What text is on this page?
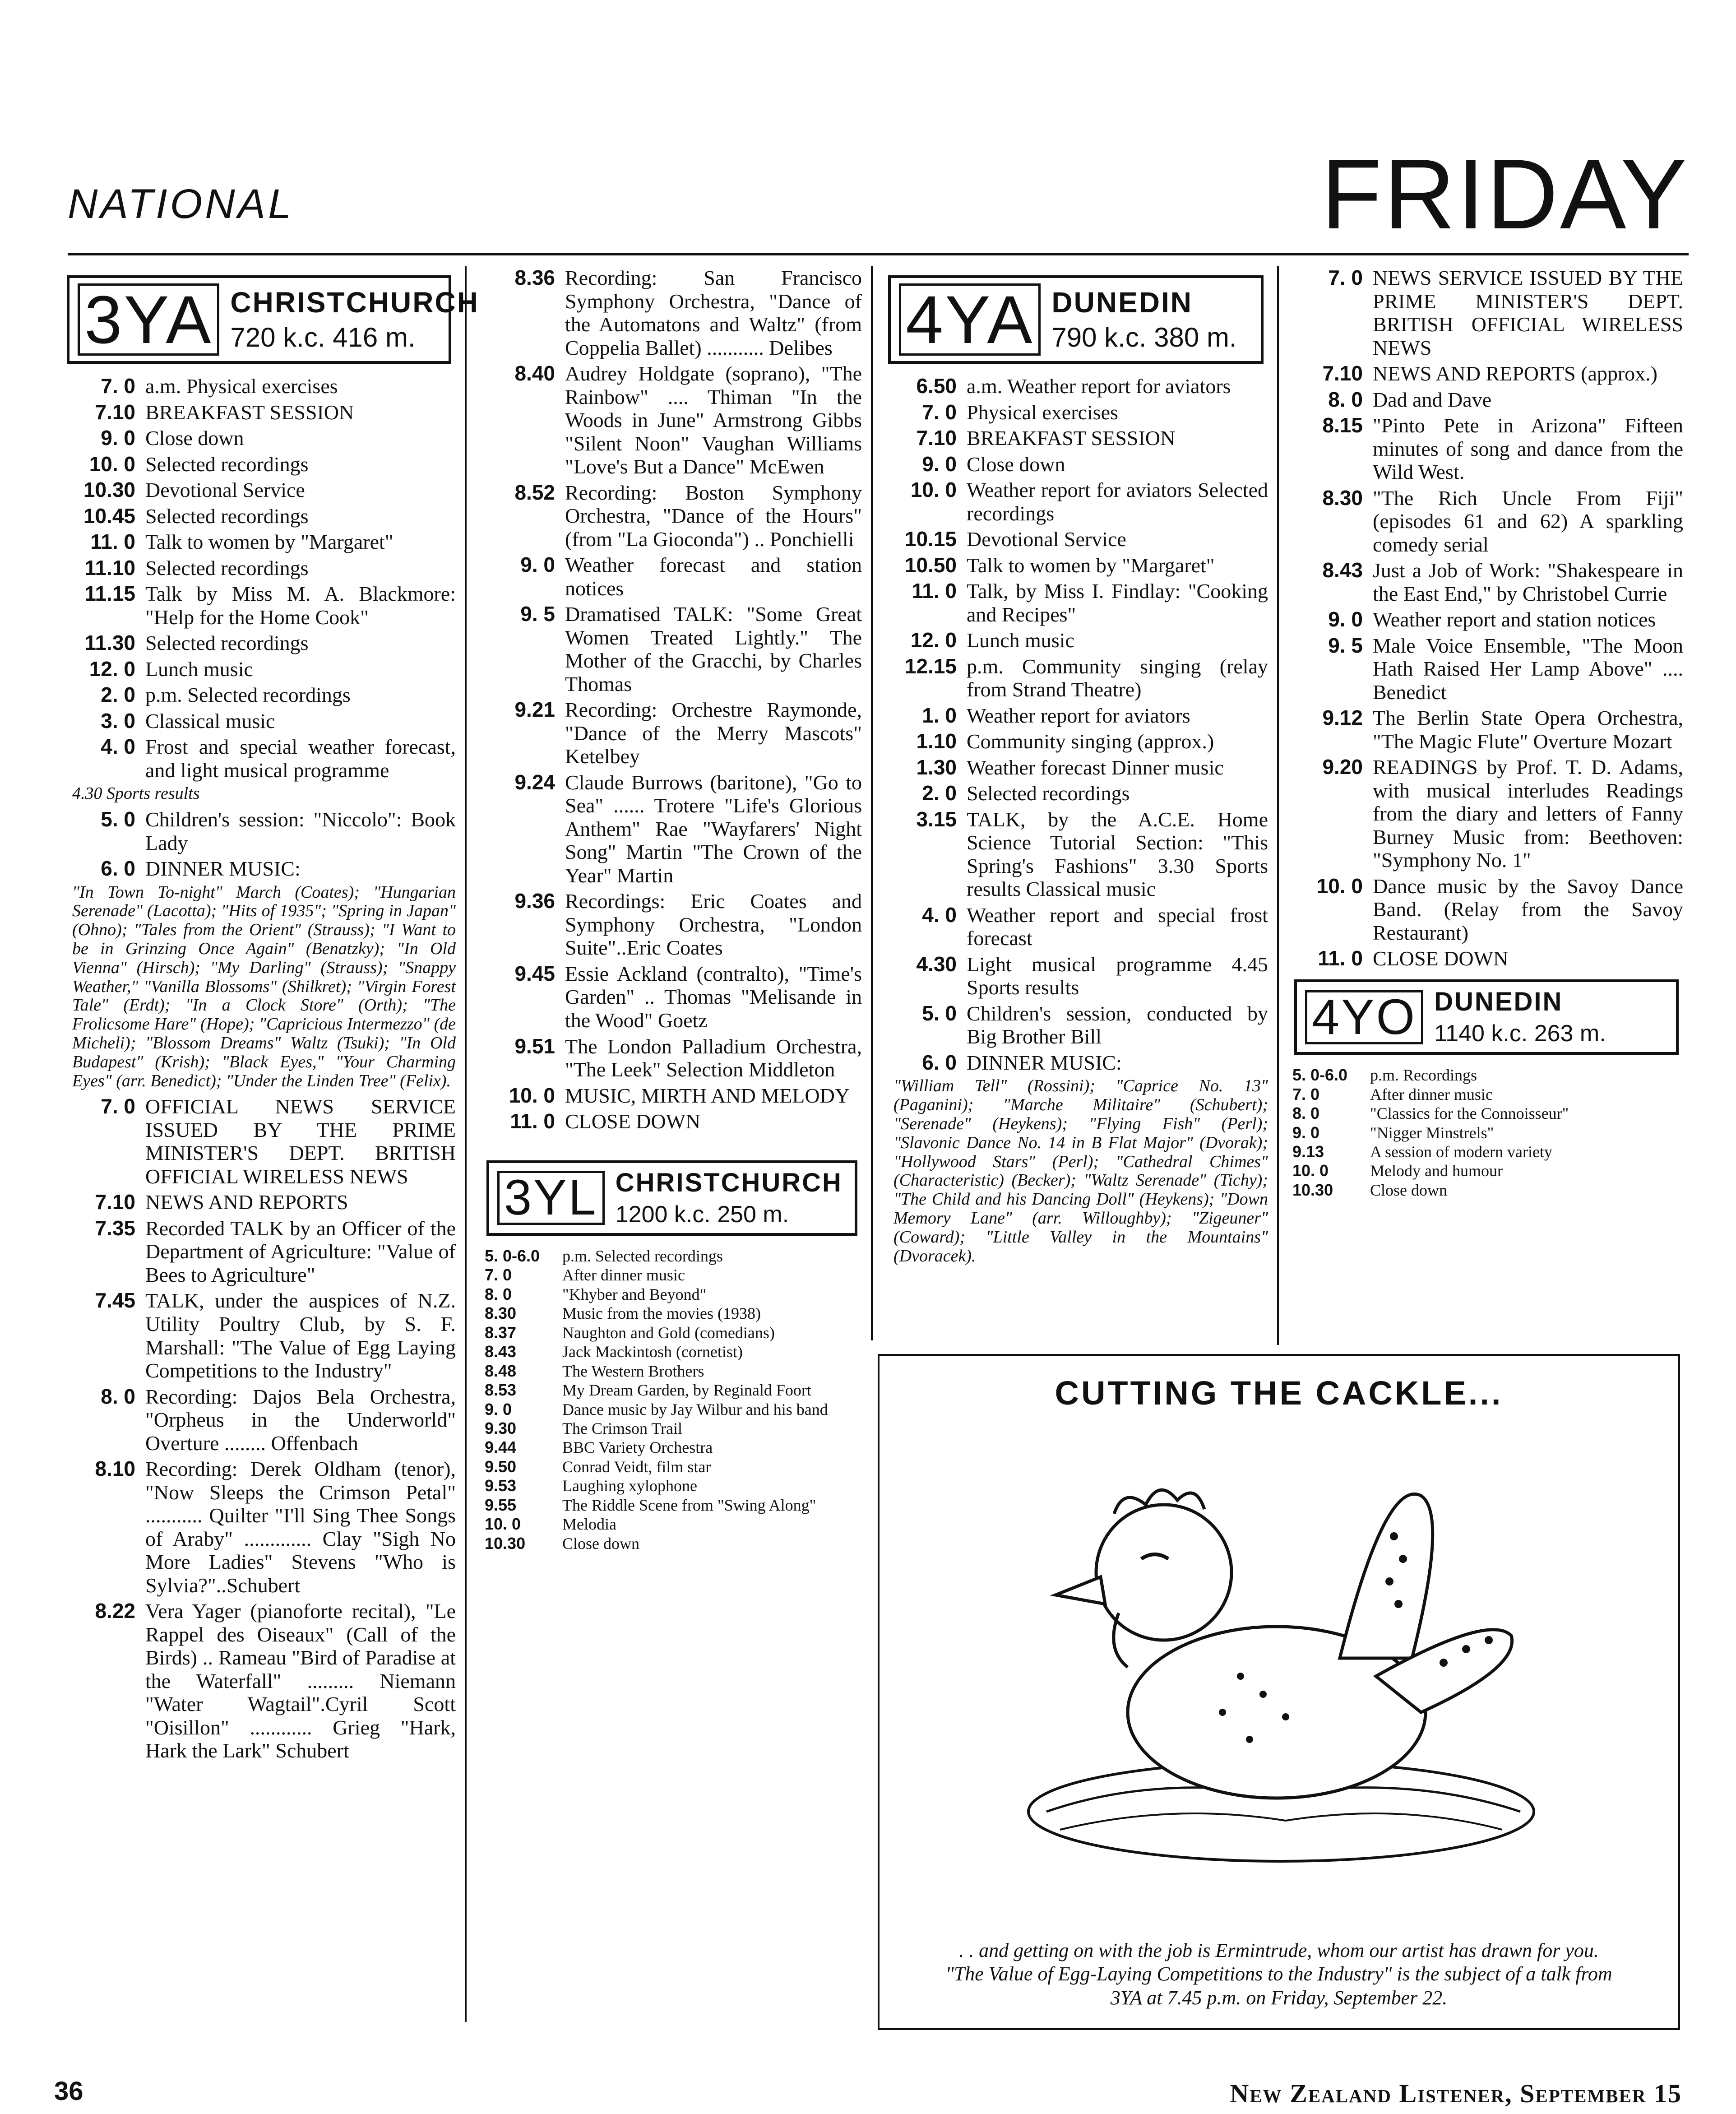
NATIONAL	FRIDAY
3YA CHRISTCHURCH
720 k.c. 416 m.
7. 0 a.m. Physical exercises
7.10 BREAKFAST SESSION
9. 0 Close down
10. 0 Selected recordings
10.30 Devotional Service
10.45 Selected recordings
11. 0 Talk to women by "Margaret"
11.10 Selected recordings
11.15 Talk by Miss M. A. Blackmore: "Help for the Home Cook"
11.30 Selected recordings
12. 0 Lunch music
2. 0 p.m. Selected recordings
3. 0 Classical music
4. 0 Frost and special weather forecast, and light musical programme
4.30 Sports results
5. 0 Children's session: "Niccolo": Book Lady
6. 0 DINNER MUSIC:
"In Town To-night" March (Coates); "Hungarian Serenade" (Lacotta); "Hits of 1935"; "Spring in Japan" (Ohno); "Tales from the Orient" (Strauss); "I Want to be in Grinzing Once Again" (Benatzky); "In Old Vienna" (Hirsch); "My Darling" (Strauss); "Snappy Weather," "Vanilla Blossoms" (Shilkret); "Virgin Forest Tale" (Erdt); "In a Clock Store" (Orth); "The Frolicsome Hare" (Hope); "Capricious Intermezzo" (de Micheli); "Blossom Dreams" Waltz (Tsuki); "In Old Budapest" (Krish); "Black Eyes," "Your Charming Eyes" (arr. Benedict); "Under the Linden Tree" (Felix).
7. 0 OFFICIAL NEWS SERVICE ISSUED BY THE PRIME MINISTER'S DEPT. BRITISH OFFICIAL WIRELESS NEWS
7.10 NEWS AND REPORTS
7.35 Recorded TALK by an Officer of the Department of Agriculture: "Value of Bees to Agriculture"
7.45 TALK, under the auspices of N.Z. Utility Poultry Club, by S. F. Marshall: "The Value of Egg Laying Competitions to the Industry"
8. 0 Recording: Dajos Bela Orchestra, "Orpheus in the Underworld" Overture ........ Offenbach
8.10 Recording: Derek Oldham (tenor), "Now Sleeps the Crimson Petal" ........... Quilter "I'll Sing Thee Songs of Araby" ............. Clay "Sigh No More Ladies" Stevens "Who is Sylvia?"..Schubert
8.22 Vera Yager (pianoforte recital), "Le Rappel des Oiseaux" (Call of the Birds) .. Rameau "Bird of Paradise at the Waterfall" ......... Niemann "Water Wagtail".Cyril Scott "Oisillon" ............ Grieg "Hark, Hark the Lark" Schubert
8.36 Recording: San Francisco Symphony Orchestra, "Dance of the Automatons and Waltz" (from Coppelia Ballet) ........... Delibes
8.40 Audrey Holdgate (soprano), "The Rainbow" .... Thiman "In the Woods in June" Armstrong Gibbs "Silent Noon" Vaughan Williams "Love's But a Dance" McEwen
8.52 Recording: Boston Symphony Orchestra, "Dance of the Hours" (from "La Gioconda") .. Ponchielli
9. 0 Weather forecast and station notices
9. 5 Dramatised TALK: "Some Great Women Treated Lightly." The Mother of the Gracchi, by Charles Thomas
9.21 Recording: Orchestre Raymonde, "Dance of the Merry Mascots" Ketelbey
9.24 Claude Burrows (baritone), "Go to Sea" ...... Trotere "Life's Glorious Anthem" Rae "Wayfarers' Night Song" Martin "The Crown of the Year" Martin
9.36 Recordings: Eric Coates and Symphony Orchestra, "London Suite"..Eric Coates
9.45 Essie Ackland (contralto), "Time's Garden" .. Thomas "Melisande in the Wood" Goetz
9.51 The London Palladium Orchestra, "The Leek" Selection Middleton
10. 0 MUSIC, MIRTH AND MELODY
11. 0 CLOSE DOWN
3YL CHRISTCHURCH
1200 k.c. 250 m.
5. 0-6.0	p.m. Selected recordings
7. 0	After dinner music
8. 0	"Khyber and Beyond"
8.30	Music from the movies (1938)
8.37	Naughton and Gold (comedians)
8.43	Jack Mackintosh (cornetist)
8.48	The Western Brothers
8.53	My Dream Garden, by Reginald Foort
9. 0	Dance music by Jay Wilbur and his band
9.30	The Crimson Trail
9.44	BBC Variety Orchestra
9.50	Conrad Veidt, film star
9.53	Laughing xylophone
9.55	The Riddle Scene from "Swing Along"
10. 0	Melodia
10.30	Close down
4YA DUNEDIN
790 k.c. 380 m.
6.50 a.m. Weather report for aviators
7. 0 Physical exercises
7.10 BREAKFAST SESSION
9. 0 Close down
10. 0 Weather report for aviators Selected recordings
10.15 Devotional Service
10.50 Talk to women by "Margaret"
11. 0 Talk, by Miss I. Findlay: "Cooking and Recipes"
12. 0 Lunch music
12.15 p.m. Community singing (relay from Strand Theatre)
1. 0 Weather report for aviators
1.10 Community singing (approx.)
1.30 Weather forecast Dinner music
2. 0 Selected recordings
3.15 TALK, by the A.C.E. Home Science Tutorial Section: "This Spring's Fashions" 3.30 Sports results Classical music
4. 0 Weather report and special frost forecast
4.30 Light musical programme 4.45 Sports results
5. 0 Children's session, conducted by Big Brother Bill
6. 0 DINNER MUSIC:
"William Tell" (Rossini); "Caprice No. 13" (Paganini); "Marche Militaire" (Schubert); "Serenade" (Heykens); "Flying Fish" (Perl); "Slavonic Dance No. 14 in B Flat Major" (Dvorak); "Hollywood Stars" (Perl); "Cathedral Chimes" (Characteristic) (Becker); "Waltz Serenade" (Tichy); "The Child and his Dancing Doll" (Heykens); "Down Memory Lane" (arr. Willoughby); "Zigeuner" (Coward); "Little Valley in the Mountains" (Dvoracek).
7. 0 NEWS SERVICE ISSUED BY THE PRIME MINISTER'S DEPT. BRITISH OFFICIAL WIRELESS NEWS
7.10 NEWS AND REPORTS (approx.)
8. 0 Dad and Dave
8.15 "Pinto Pete in Arizona" Fifteen minutes of song and dance from the Wild West.
8.30 "The Rich Uncle From Fiji" (episodes 61 and 62) A sparkling comedy serial
8.43 Just a Job of Work: "Shakespeare in the East End," by Christobel Currie
9. 0 Weather report and station notices
9. 5 Male Voice Ensemble, "The Moon Hath Raised Her Lamp Above" .... Benedict
9.12 The Berlin State Opera Orchestra, "The Magic Flute" Overture Mozart
9.20 READINGS by Prof. T. D. Adams, with musical interludes Readings from the diary and letters of Fanny Burney Music from: Beethoven: "Symphony No. 1"
10. 0 Dance music by the Savoy Dance Band. (Relay from the Savoy Restaurant)
11. 0 CLOSE DOWN
4YO DUNEDIN
1140 k.c. 263 m.
5. 0-6.0	p.m. Recordings
7. 0	After dinner music
8. 0	"Classics for the Connoisseur"
9. 0	"Nigger Minstrels"
9.13	A session of modern variety
10. 0	Melody and humour
10.30	Close down
CUTTING THE CACKLE...
. . and getting on with the job is Ermintrude, whom our artist has drawn for you. "The Value of Egg-Laying Competitions to the Industry" is the subject of a talk from 3YA at 7.45 p.m. on Friday, September 22.
36	New Zealand Listener, September 15
